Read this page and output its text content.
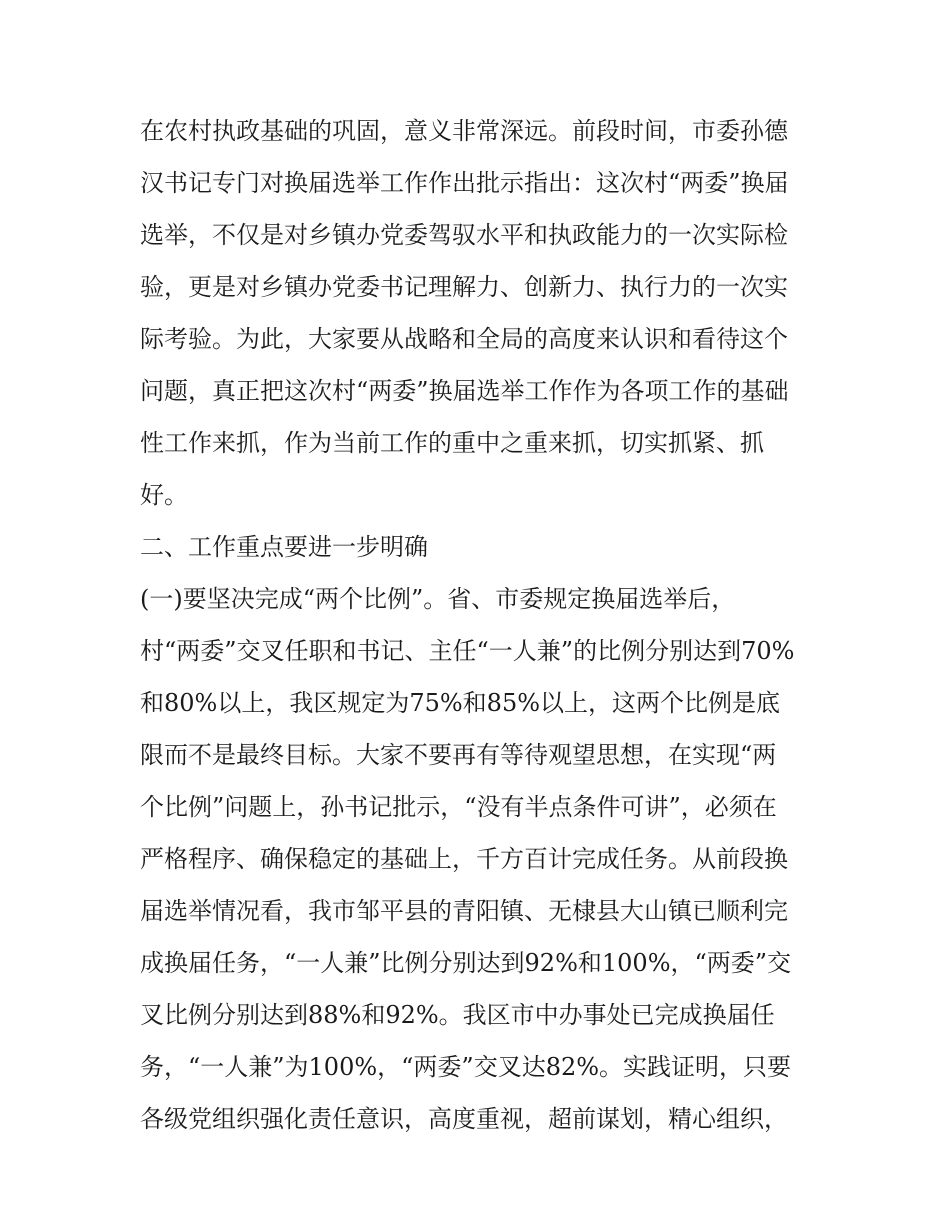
在农村执政基础的巩固，意义非常深远。前段时间，市委孙德
汉书记专门对换届选举工作作出批示指出：这次村“两委”换届
选举，不仅是对乡镇办党委驾驭水平和执政能力的一次实际检
验，更是对乡镇办党委书记理解力、创新力、执行力的一次实
际考验。为此，大家要从战略和全局的高度来认识和看待这个
问题，真正把这次村“两委”换届选举工作作为各项工作的基础
性工作来抓，作为当前工作的重中之重来抓，切实抓紧、抓
好。
二、工作重点要进一步明确
(一)要坚决完成“两个比例”。省、市委规定换届选举后，
村“两委”交叉任职和书记、主任“一人兼”的比例分别达到70%
和80%以上，我区规定为75%和85%以上，这两个比例是底
限而不是最终目标。大家不要再有等待观望思想，在实现“两
个比例”问题上，孙书记批示，“没有半点条件可讲”，必须在
严格程序、确保稳定的基础上，千方百计完成任务。从前段换
届选举情况看，我市邹平县的青阳镇、无棣县大山镇已顺利完
成换届任务，“一人兼”比例分别达到92%和100%，“两委”交
叉比例分别达到88%和92%。我区市中办事处已完成换届任
务，“一人兼”为100%，“两委”交叉达82%。实践证明，只要
各级党组织强化责任意识，高度重视，超前谋划，精心组织，
